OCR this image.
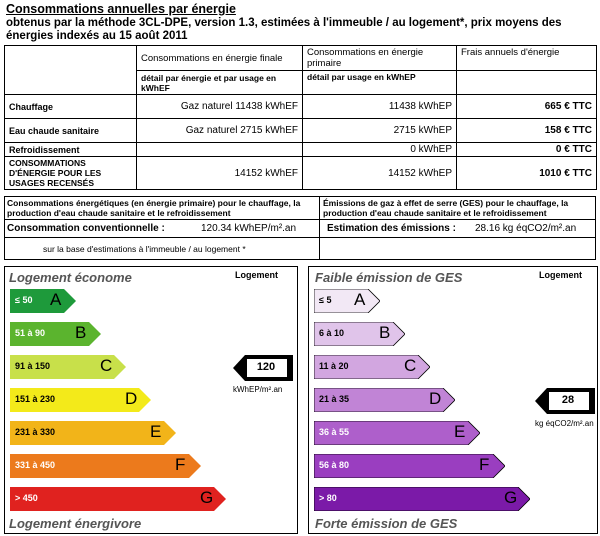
Consommations annuelles par énergie
obtenus par la méthode 3CL-DPE, version 1.3, estimées à l'immeuble / au logement*, prix moyens des énergies indexés au 15 août 2011
	Consommations en énergie finale	Consommations en énergie primaire	Frais annuels d'énergie
	détail par énergie et par usage en kWhEF	détail par usage en kWhEP	
Chauffage	Gaz naturel 11438 kWhEF	11438 kWhEP	665 € TTC
Eau chaude sanitaire	Gaz naturel 2715 kWhEF	2715 kWhEP	158 € TTC
Refroidissement		0 kWhEP	0 € TTC
CONSOMMATIONS D'ÉNERGIE POUR LES USAGES RECENSÉS	14152 kWhEF	14152 kWhEP	1010 € TTC
Consommations énergétiques (en énergie primaire) pour le chauffage, la production d'eau chaude sanitaire et le refroidissement
Émissions de gaz à effet de serre (GES) pour le chauffage, la production d'eau chaude sanitaire et le refroidissement
Consommation conventionnelle :	120.34 kWhEP/m².an	Estimation des émissions : 28.16 kg éqCO2/m².an
sur la base d'estimations à l'immeuble / au logement *
Logement économe	Logement
≤ 50 A
51 à 90 B
91 à 150	C
151 à 230	D
231 à 330	E
331 à 450	F
> 450	G
120
kWhEP/m².an
Logement énergivore
Faible émission de GES	Logement
≤ 5 A
6 à 10 B
11 à 20	C
21 à 35	D
36 à 55	E
56 à 80	F
> 80	G
28
kg éqCO2/m².an
Forte émission de GES
